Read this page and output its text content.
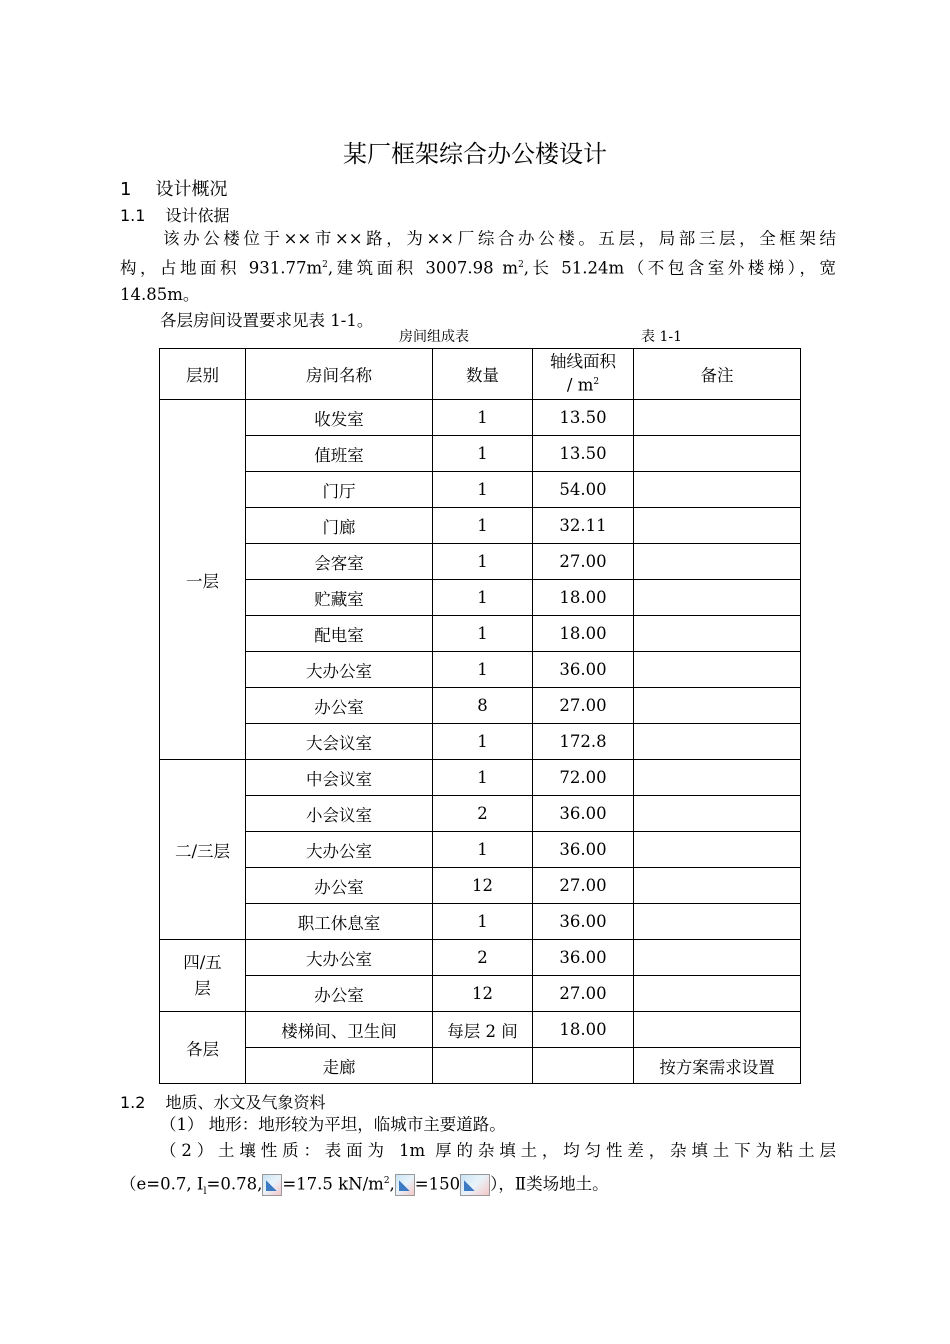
某厂框架综合办公楼设计
1 设计概况
1.1 设计依据
该办公楼位于××市××路，为××厂综合办公楼。五层，局部三层，全框架结
构，占地面积 $931.77m^2$,建筑面积 3007.98 $m^2$,长 51.24m（不包含室外楼梯），宽
14.85m。
各层房间设置要求见表 1-1。
房间组成表	表 1-1
层别	房间名称	数量	轴线面积
/ $m^2$	备注
一层	收发室	1	13.50	
	值班室	1	13.50	
	门厅	1	54.00	
	门廊	1	32.11	
	会客室	1	27.00	
	贮藏室	1	18.00	
	配电室	1	18.00	
	大办公室	1	36.00	
	办公室	8	27.00	
	大会议室	1	172.8	
二/三层	中会议室	1	72.00	
	小会议室	2	36.00	
	大办公室	1	36.00	
	办公室	12	27.00	
	职工休息室	1	36.00	

四/五
层	大办公室	2	36.00	
	办公室	12	27.00	
各层	楼梯间、卫生间	每层 2 间	18.00	
	走廊			按方案需求设置
1.2 地质、水文及气象资料
（1） 地形：地形较为平坦，临城市主要道路。
（2）土壤性质：表面为 1m 厚的杂填土，均匀性差，杂填土下为粘土层
（e=0.7, $I_l=0.78$, =17.5 $kN/m^2$, =150 ），Ⅱ类场地土。
